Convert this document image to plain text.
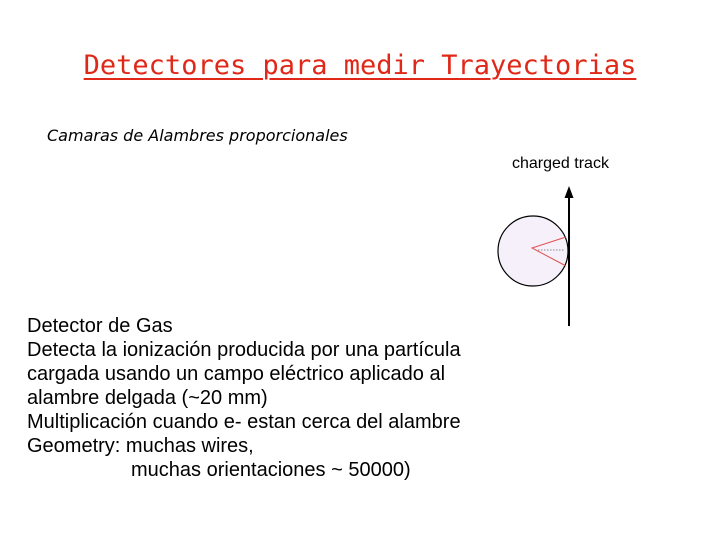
Detectores para medir Trayectorias
Camaras de Alambres proporcionales
charged track
Detector de Gas
Detecta la ionización producida por una partícula
cargada usando un campo eléctrico aplicado al
alambre delgada (~20 mm)
Multiplicación cuando e- estan cerca del alambre
Geometry: muchas wires,
muchas orientaciones ~ 50000)
